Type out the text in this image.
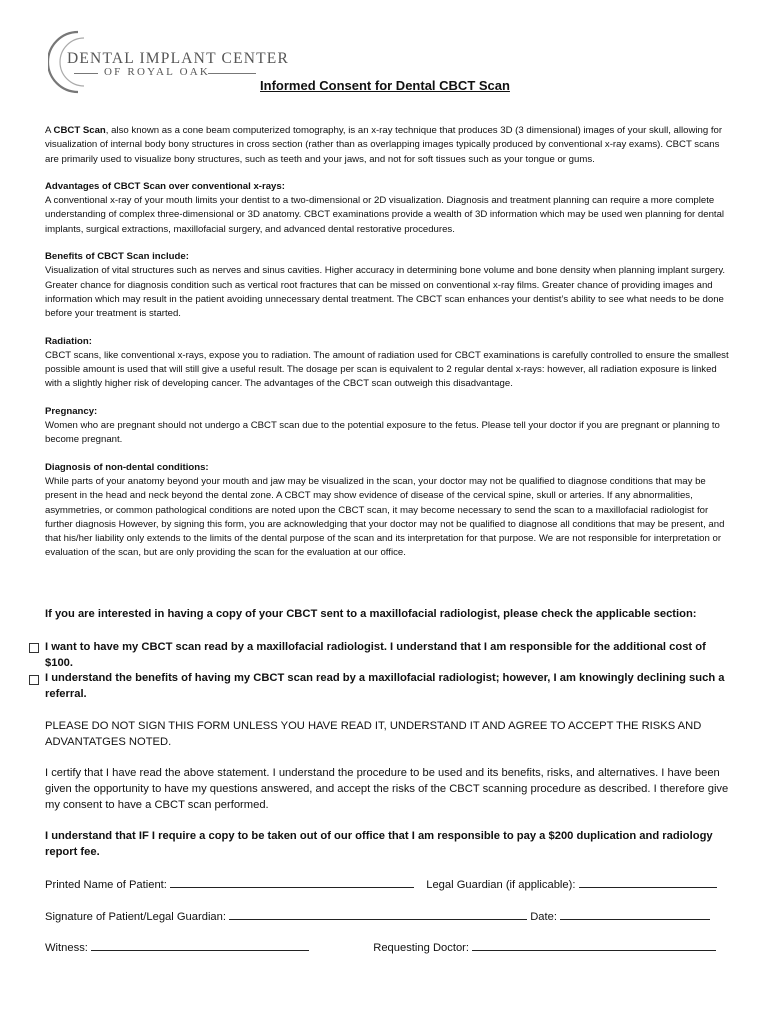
DENTAL IMPLANT CENTER
OF ROYAL OAK
Informed Consent for Dental CBCT Scan

A CBCT Scan, also known as a cone beam computerized tomography, is an x-ray technique that produces 3D (3 dimensional) images of your skull, allowing for visualization of internal body bony structures in cross section (rather than as overlapping images typically produced by conventional x-ray exams). CBCT scans are primarily used to visualize bony structures, such as teeth and your jaws, and not for soft tissues such as your tongue or gums.

Advantages of CBCT Scan over conventional x-rays:

A conventional x-ray of your mouth limits your dentist to a two-dimensional or 2D visualization. Diagnosis and treatment planning can require a more complete understanding of complex three-dimensional or 3D anatomy. CBCT examinations provide a wealth of 3D information which may be used wen planning for dental implants, surgical extractions, maxillofacial surgery, and advanced dental restorative procedures.

Benefits of CBCT Scan include:

Visualization of vital structures such as nerves and sinus cavities. Higher accuracy in determining bone volume and bone density when planning implant surgery. Greater chance for diagnosis condition such as vertical root fractures that can be missed on conventional x-ray films. Greater chance of providing images and information which may result in the patient avoiding unnecessary dental treatment. The CBCT scan enhances your dentist’s ability to see what needs to be done before your treatment is started.

Radiation:

CBCT scans, like conventional x-rays, expose you to radiation. The amount of radiation used for CBCT examinations is carefully controlled to ensure the smallest possible amount is used that will still give a useful result. The dosage per scan is equivalent to 2 regular dental x-rays: however, all radiation exposure is linked with a slightly higher risk of developing cancer. The advantages of the CBCT scan outweigh this disadvantage.

Pregnancy:

Women who are pregnant should not undergo a CBCT scan due to the potential exposure to the fetus. Please tell your doctor if you are pregnant or planning to become pregnant.

Diagnosis of non-dental conditions:

While parts of your anatomy beyond your mouth and jaw may be visualized in the scan, your doctor may not be qualified to diagnose conditions that may be present in the head and neck beyond the dental zone. A CBCT may show evidence of disease of the cervical spine, skull or arteries. If any abnormalities, asymmetries, or common pathological conditions are noted upon the CBCT scan, it may become necessary to send the scan to a maxillofacial radiologist for further diagnosis However, by signing this form, you are acknowledging that your doctor may not be qualified to diagnose all conditions that may be present, and that his/her liability only extends to the limits of the dental purpose of the scan and its interpretation for that purpose. We are not responsible for interpretation or evaluation of the scan, but are only providing the scan for the evaluation at our office.

If you are interested in having a copy of your CBCT sent to a maxillofacial radiologist, please check the applicable section:
I want to have my CBCT scan read by a maxillofacial radiologist. I understand that I am responsible for the additional cost of $100.
I understand the benefits of having my CBCT scan read by a maxillofacial radiologist; however, I am knowingly declining such a referral.
PLEASE DO NOT SIGN THIS FORM UNLESS YOU HAVE READ IT, UNDERSTAND IT AND AGREE TO ACCEPT THE RISKS AND ADVANTATGES NOTED.
I certify that I have read the above statement. I understand the procedure to be used and its benefits, risks, and alternatives. I have been given the opportunity to have my questions answered, and accept the risks of the CBCT scanning procedure as described. I therefore give my consent to have a CBCT scan performed.
I understand that IF I require a copy to be taken out of our office that I am responsible to pay a $200 duplication and radiology report fee.
Printed Name of Patient:	Legal Guardian (if applicable):
Signature of Patient/Legal Guardian:	Date:
Witness:	Requesting Doctor:
